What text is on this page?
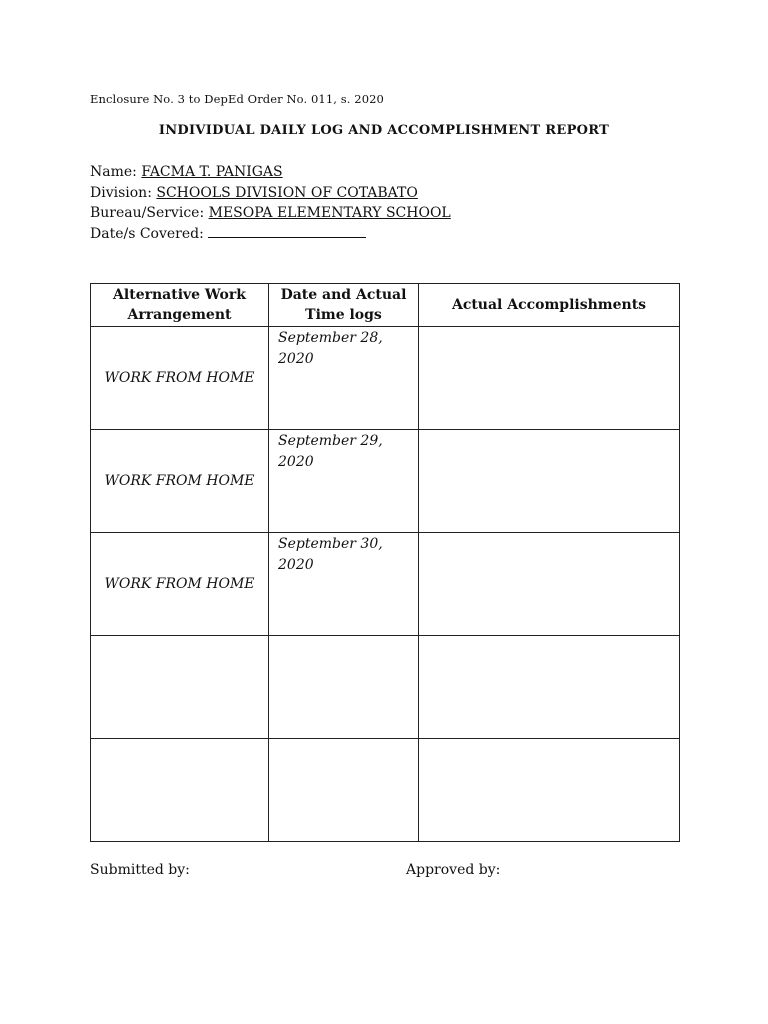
Enclosure No. 3 to DepEd Order No. 011, s. 2020
INDIVIDUAL DAILY LOG AND ACCOMPLISHMENT REPORT
Name: FACMA T. PANIGAS
Division: SCHOOLS DIVISION OF COTABATO
Bureau/Service: MESOPA ELEMENTARY SCHOOL
Date/s Covered:
Alternative Work Arrangement	Date and Actual Time logs	Actual Accomplishments

WORK FROM HOME	September 28, 2020	

WORK FROM HOME	September 29, 2020	

WORK FROM HOME	September 30, 2020	

Submitted by:	Approved by:
